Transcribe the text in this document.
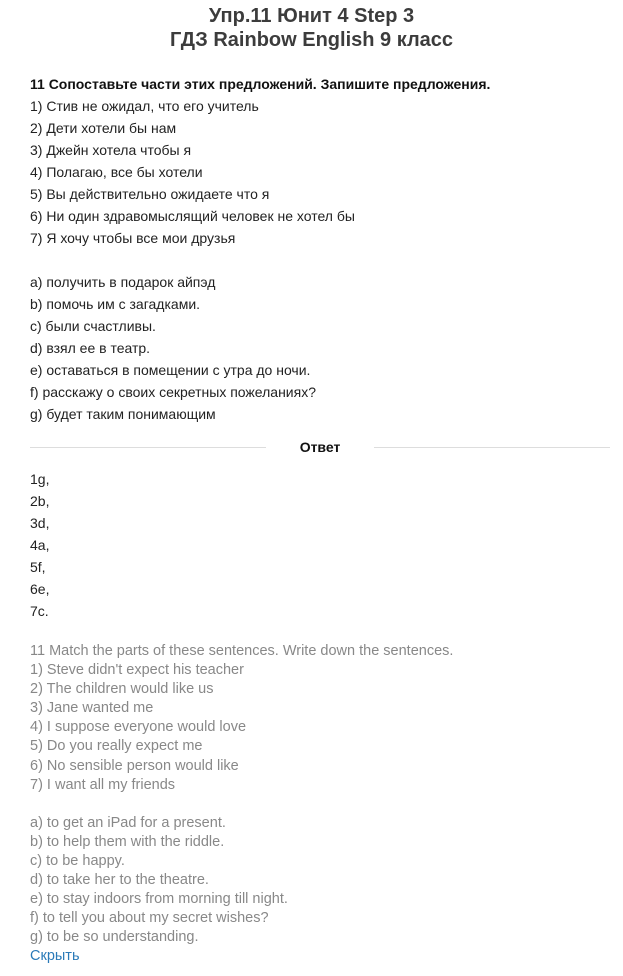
Упр.11 Юнит 4 Step 3
ГДЗ Rainbow English 9 класс
11 Сопоставьте части этих предложений. Запишите предложения.
1) Стив не ожидал, что его учитель
2) Дети хотели бы нам
3) Джейн хотела чтобы я
4) Полагаю, все бы хотели
5) Вы действительно ожидаете что я
6) Ни один здравомыслящий человек не хотел бы
7) Я хочу чтобы все мои друзья
a) получить в подарок айпэд
b) помочь им с загадками.
c) были счастливы.
d) взял ее в театр.
e) оставаться в помещении с утра до ночи.
f) расскажу о своих секретных пожеланиях?
g) будет таким понимающим
Ответ
1g,
2b,
3d,
4a,
5f,
6e,
7c.
11 Match the parts of these sentences. Write down the sentences.
1) Steve didn't expect his teacher
2) The children would like us
3) Jane wanted me
4) I suppose everyone would love
5) Do you really expect me
6) No sensible person would like
7) I want all my friends
a) to get an iPad for a present.
b) to help them with the riddle.
c) to be happy.
d) to take her to the theatre.
e) to stay indoors from morning till night.
f) to tell you about my secret wishes?
g) to be so understanding.
Скрыть
